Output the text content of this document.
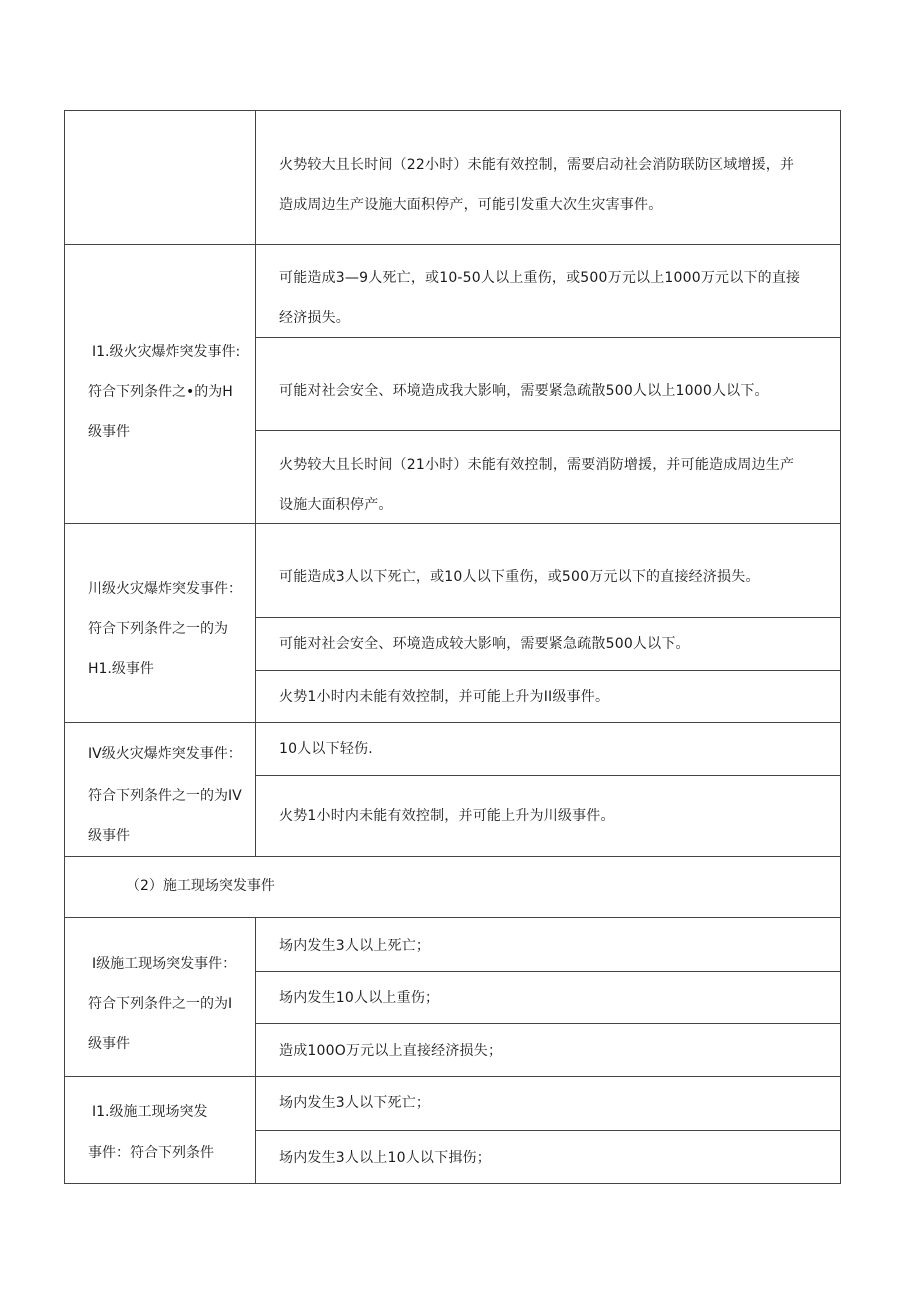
火势较大且长时间（22小时）未能有效控制，需要启动社会消防联防区域增援，并
造成周边生产设施大面积停产，可能引发重大次生灾害事件。
I1.级火灾爆炸突发事件:
符合下列条件之•的为H
级事件
可能造成3—9人死亡，或10-50人以上重伤，或500万元以上1000万元以下的直接
经济损失。
可能对社会安全、环境造成我大影响，需要紧急疏散500人以上1000人以下。
火势较大且长时间（21小时）未能有效控制，需要消防增援，并可能造成周边生产
设施大面积停产。
川级火灾爆炸突发事件：
符合下列条件之一的为
H1.级事件
可能造成3人以下死亡，或10人以下重伤，或500万元以下的直接经济损失。
可能对社会安全、环境造成较大影响，需要紧急疏散500人以下。
火势1小时内未能有效控制，并可能上升为II级事件。
IV级火灾爆炸突发事件：
符合下列条件之一的为IV
级事件
10人以下轻伤.
火势1小时内未能有效控制，并可能上升为川级事件。
（2）施工现场突发事件
I级施工现场突发事件：
符合下列条件之一的为I
级事件
场内发生3人以上死亡；
场内发生10人以上重伤；
造成100O万元以上直接经济损失；
I1.级施工现场突发
事件：符合下列条件
场内发生3人以下死亡；
场内发生3人以上10人以下揖伤；
